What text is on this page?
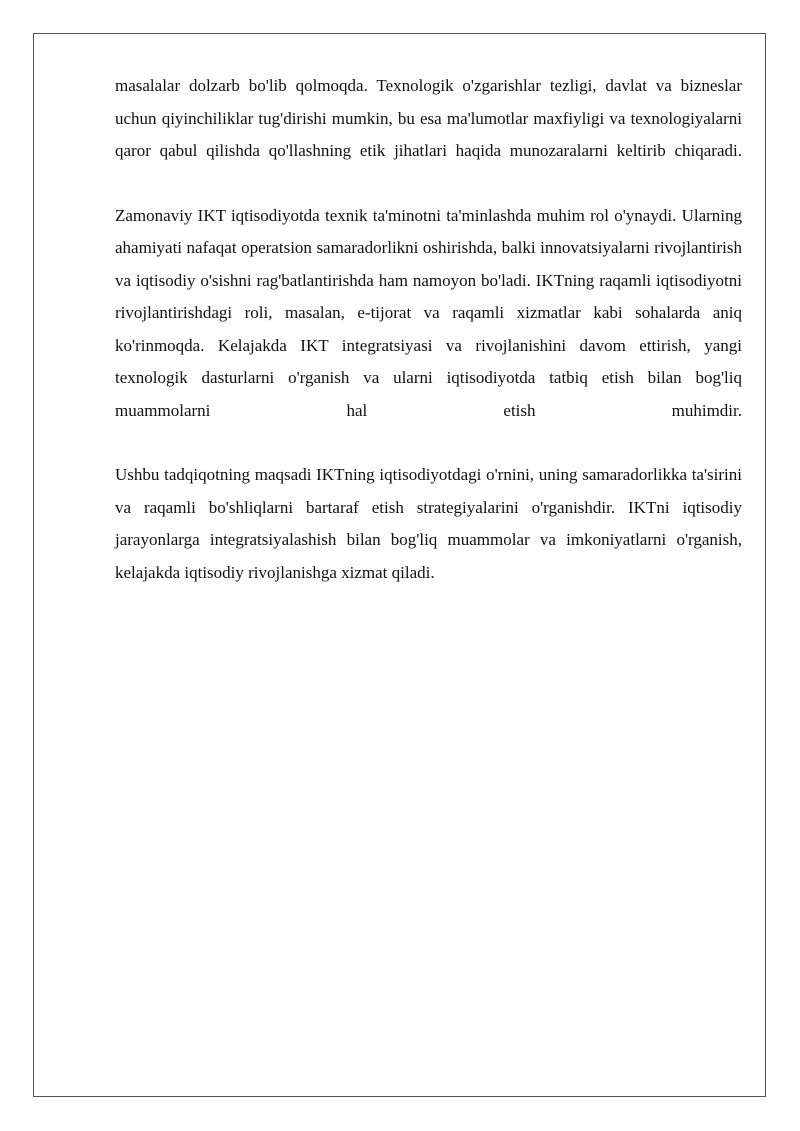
masalalar dolzarb bo'lib qolmoqda. Texnologik o'zgarishlar tezligi, davlat va bizneslar uchun qiyinchiliklar tug'dirishi mumkin, bu esa ma'lumotlar maxfiyligi va texnologiyalarni qaror qabul qilishda qo'llashning etik jihatlari haqida munozaralarni keltirib chiqaradi.

Zamonaviy IKT iqtisodiyotda texnik ta'minotni ta'minlashda muhim rol o'ynaydi. Ularning ahamiyati nafaqat operatsion samaradorlikni oshirishda, balki innovatsiyalarni rivojlantirish va iqtisodiy o'sishni rag'batlantirishda ham namoyon bo'ladi. IKTning raqamli iqtisodiyotni rivojlantirishdagi roli, masalan, e-tijorat va raqamli xizmatlar kabi sohalarda aniq ko'rinmoqda. Kelajakda IKT integratsiyasi va rivojlanishini davom ettirish, yangi texnologik dasturlarni o'rganish va ularni iqtisodiyotda tatbiq etish bilan bog'liq muammolarni hal etish muhimdir.

Ushbu tadqiqotning maqsadi IKTning iqtisodiyotdagi o'rnini, uning samaradorlikka ta'sirini va raqamli bo'shliqlarni bartaraf etish strategiyalarini o'rganishdir. IKTni iqtisodiy jarayonlarga integratsiyalashish bilan bog'liq muammolar va imkoniyatlarni o'rganish, kelajakda iqtisodiy rivojlanishga xizmat qiladi.
